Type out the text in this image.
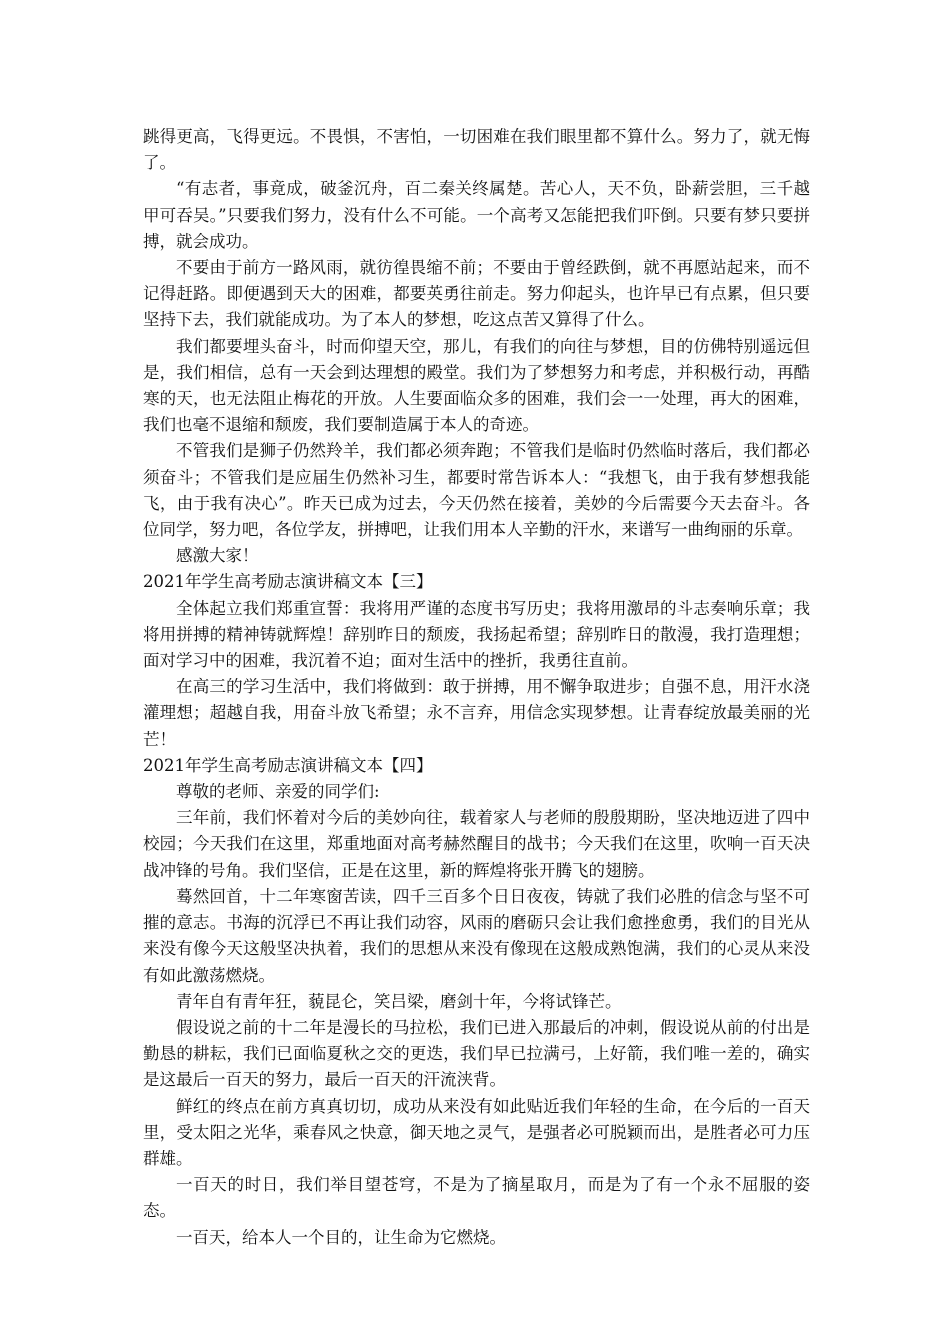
跳得更高，飞得更远。不畏惧，不害怕，一切困难在我们眼里都不算什么。努力了，就无悔了。

“有志者，事竟成，破釜沉舟，百二秦关终属楚。苦心人，天不负，卧薪尝胆，三千越甲可吞吴。”只要我们努力，没有什么不可能。一个高考又怎能把我们吓倒。只要有梦只要拼搏，就会成功。

不要由于前方一路风雨，就彷徨畏缩不前；不要由于曾经跌倒，就不再愿站起来，而不记得赶路。即便遇到天大的困难，都要英勇往前走。努力仰起头，也许早已有点累，但只要坚持下去，我们就能成功。为了本人的梦想，吃这点苦又算得了什么。

我们都要埋头奋斗，时而仰望天空，那儿，有我们的向往与梦想，目的仿佛特别遥远但是，我们相信，总有一天会到达理想的殿堂。我们为了梦想努力和考虑，并积极行动，再酷寒的天，也无法阻止梅花的开放。人生要面临众多的困难，我们会一一处理，再大的困难，我们也毫不退缩和颓废，我们要制造属于本人的奇迹。

不管我们是狮子仍然羚羊，我们都必须奔跑；不管我们是临时仍然临时落后，我们都必须奋斗；不管我们是应届生仍然补习生，都要时常告诉本人：“我想飞，由于我有梦想我能飞，由于我有决心”。昨天已成为过去，今天仍然在接着，美妙的今后需要今天去奋斗。各位同学，努力吧，各位学友，拼搏吧，让我们用本人辛勤的汗水，来谱写一曲绚丽的乐章。

感激大家！

2021年学生高考励志演讲稿文本【三】

全体起立我们郑重宣誓：我将用严谨的态度书写历史；我将用激昂的斗志奏响乐章；我将用拼搏的精神铸就辉煌！辞别昨日的颓废，我扬起希望；辞别昨日的散漫，我打造理想；面对学习中的困难，我沉着不迫；面对生活中的挫折，我勇往直前。

在高三的学习生活中，我们将做到：敢于拼搏，用不懈争取进步；自强不息，用汗水浇灌理想；超越自我，用奋斗放飞希望；永不言弃，用信念实现梦想。让青春绽放最美丽的光芒！

2021年学生高考励志演讲稿文本【四】

尊敬的老师、亲爱的同学们:

三年前，我们怀着对今后的美妙向往，载着家人与老师的殷殷期盼，坚决地迈进了四中校园；今天我们在这里，郑重地面对高考赫然醒目的战书；今天我们在这里，吹响一百天决战冲锋的号角。我们坚信，正是在这里，新的辉煌将张开腾飞的翅膀。

蓦然回首，十二年寒窗苦读，四千三百多个日日夜夜，铸就了我们必胜的信念与坚不可摧的意志。书海的沉浮已不再让我们动容，风雨的磨砺只会让我们愈挫愈勇，我们的目光从来没有像今天这般坚决执着，我们的思想从来没有像现在这般成熟饱满，我们的心灵从来没有如此激荡燃烧。

青年自有青年狂，藐昆仑，笑吕梁，磨剑十年，今将试锋芒。

假设说之前的十二年是漫长的马拉松，我们已进入那最后的冲刺，假设说从前的付出是勤恳的耕耘，我们已面临夏秋之交的更迭，我们早已拉满弓，上好箭，我们唯一差的，确实是这最后一百天的努力，最后一百天的汗流浃背。

鲜红的终点在前方真真切切，成功从来没有如此贴近我们年轻的生命，在今后的一百天里，受太阳之光华，乘春风之快意，御天地之灵气，是强者必可脱颖而出，是胜者必可力压群雄。

一百天的时日，我们举目望苍穹，不是为了摘星取月，而是为了有一个永不屈服的姿态。

一百天，给本人一个目的，让生命为它燃烧。
